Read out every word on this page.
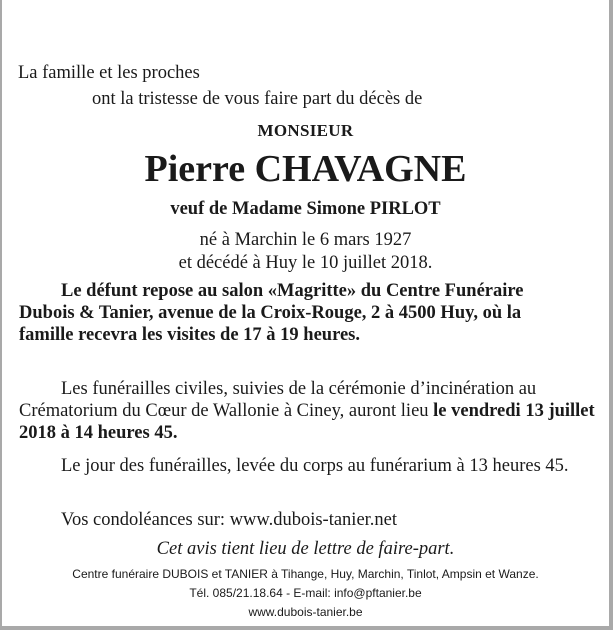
La famille et les proches
ont la tristesse de vous faire part du décès de
MONSIEUR
Pierre CHAVAGNE
veuf de Madame Simone PIRLOT
né à Marchin le 6 mars 1927
et décédé à Huy le 10 juillet 2018.
Le défunt repose au salon «Magritte» du Centre Funéraire Dubois & Tanier, avenue de la Croix-Rouge, 2 à 4500 Huy, où la famille recevra les visites de 17 à 19 heures.
Les funérailles civiles, suivies de la cérémonie d’incinération au Crématorium du Cœur de Wallonie à Ciney, auront lieu le vendredi 13 juillet 2018 à 14 heures 45.
Le jour des funérailles, levée du corps au funérarium à 13 heures 45.
Vos condoléances sur: www.dubois-tanier.net
Cet avis tient lieu de lettre de faire-part.
Centre funéraire DUBOIS et TANIER à Tihange, Huy, Marchin, Tinlot, Ampsin et Wanze.
Tél. 085/21.18.64 - E-mail: info@pftanier.be
www.dubois-tanier.be
